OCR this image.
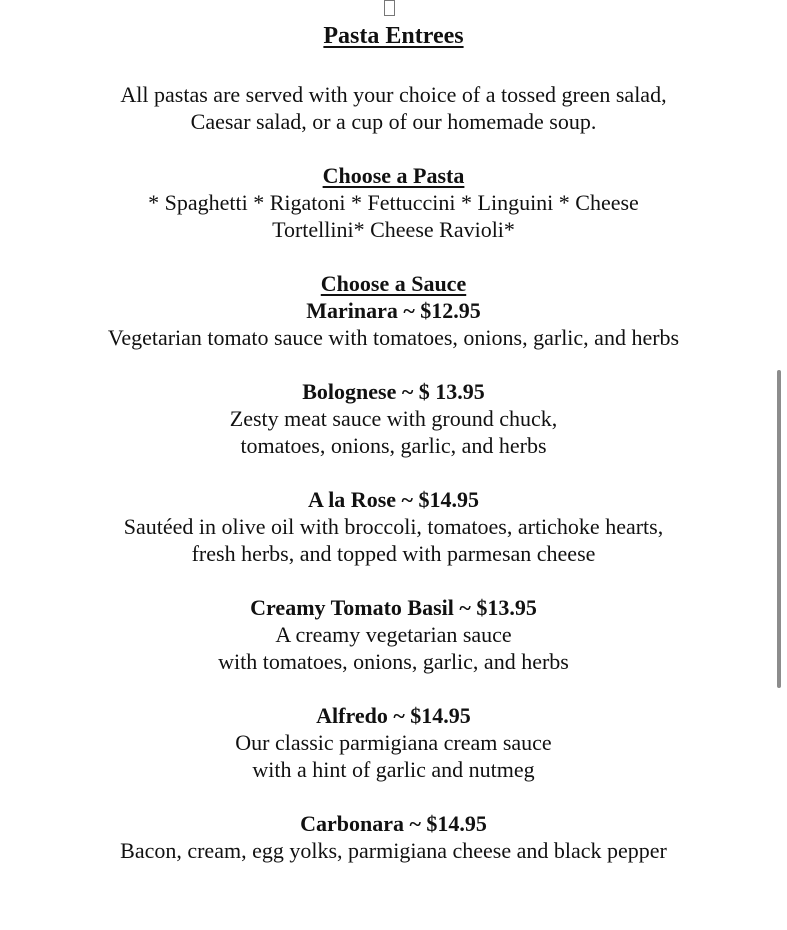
Pasta Entrees

All pastas are served with your choice of a tossed green salad,

Caesar salad, or a cup of our homemade soup.

Choose a Pasta

* Spaghetti * Rigatoni * Fettuccini * Linguini * Cheese

Tortellini* Cheese Ravioli*

Choose a Sauce

Marinara ~ $12.95

Vegetarian tomato sauce with tomatoes, onions, garlic, and herbs

Bolognese ~ $ 13.95

Zesty meat sauce with ground chuck,

tomatoes, onions, garlic, and herbs

A la Rose ~ $14.95

Sautéed in olive oil with broccoli, tomatoes, artichoke hearts,

fresh herbs, and topped with parmesan cheese

Creamy Tomato Basil ~ $13.95

A creamy vegetarian sauce

with tomatoes, onions, garlic, and herbs

Alfredo ~ $14.95

Our classic parmigiana cream sauce

with a hint of garlic and nutmeg

Carbonara ~ $14.95

Bacon, cream, egg yolks, parmigiana cheese and black pepper
